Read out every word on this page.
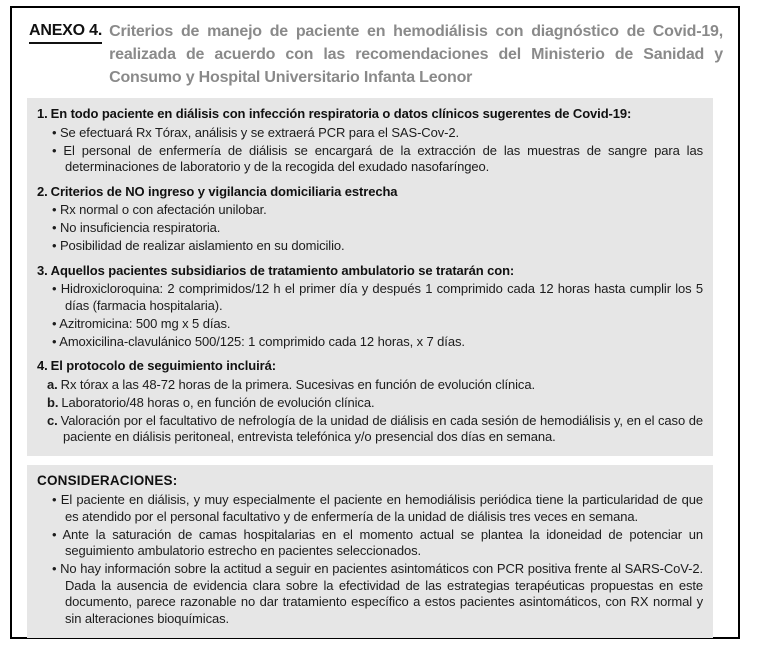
ANEXO 4. Criterios de manejo de paciente en hemodiálisis con diagnóstico de Covid-19, realizada de acuerdo con las recomendaciones del Ministerio de Sanidad y Consumo y Hospital Universitario Infanta Leonor
1. En todo paciente en diálisis con infección respiratoria o datos clínicos sugerentes de Covid-19:
• Se efectuará Rx Tórax, análisis y se extraerá PCR para el SAS-Cov-2.
• El personal de enfermería de diálisis se encargará de la extracción de las muestras de sangre para las determinaciones de laboratorio y de la recogida del exudado nasofaríngeo.
2. Criterios de NO ingreso y vigilancia domiciliaria estrecha
• Rx normal o con afectación unilobar.
• No insuficiencia respiratoria.
• Posibilidad de realizar aislamiento en su domicilio.
3. Aquellos pacientes subsidiarios de tratamiento ambulatorio se tratarán con:
• Hidroxicloroquina: 2 comprimidos/12 h el primer día y después 1 comprimido cada 12 horas hasta cumplir los 5 días (farmacia hospitalaria).
• Azitromicina: 500 mg x 5 días.
• Amoxicilina-clavulánico 500/125: 1 comprimido cada 12 horas, x 7 días.
4. El protocolo de seguimiento incluirá:
a. Rx tórax a las 48-72 horas de la primera. Sucesivas en función de evolución clínica.
b. Laboratorio/48 horas o, en función de evolución clínica.
c. Valoración por el facultativo de nefrología de la unidad de diálisis en cada sesión de hemodiálisis y, en el caso de paciente en diálisis peritoneal, entrevista telefónica y/o presencial dos días en semana.
CONSIDERACIONES:
• El paciente en diálisis, y muy especialmente el paciente en hemodiálisis periódica tiene la particularidad de que es atendido por el personal facultativo y de enfermería de la unidad de diálisis tres veces en semana.
• Ante la saturación de camas hospitalarias en el momento actual se plantea la idoneidad de potenciar un seguimiento ambulatorio estrecho en pacientes seleccionados.
• No hay información sobre la actitud a seguir en pacientes asintomáticos con PCR positiva frente al SARS-CoV-2. Dada la ausencia de evidencia clara sobre la efectividad de las estrategias terapéuticas propuestas en este documento, parece razonable no dar tratamiento específico a estos pacientes asintomáticos, con RX normal y sin alteraciones bioquímicas.
